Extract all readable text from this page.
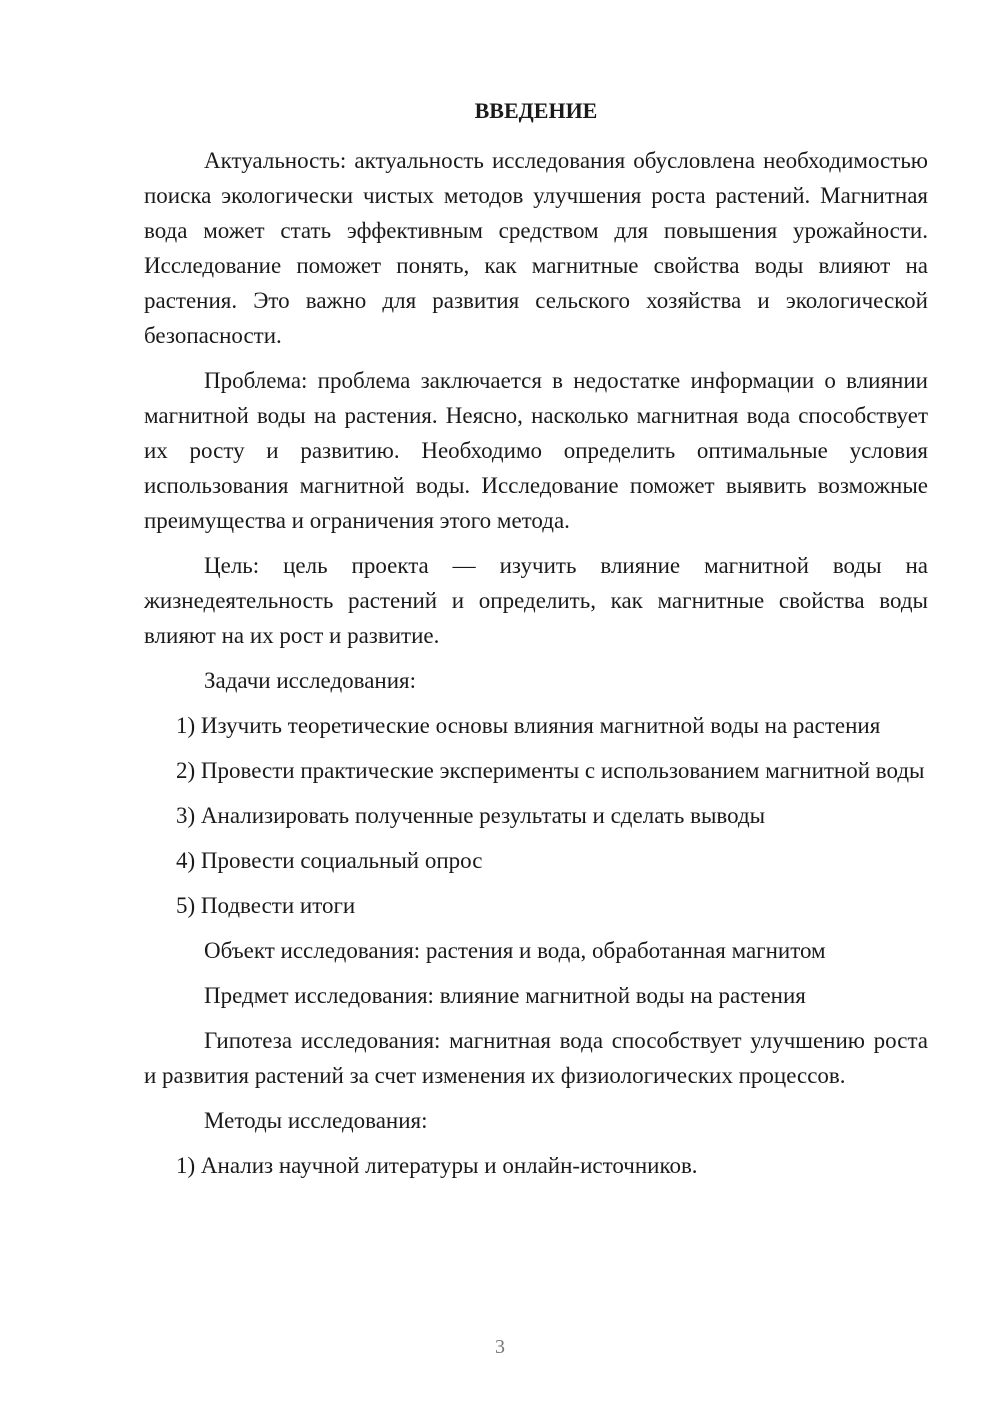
ВВЕДЕНИЕ

Актуальность: актуальность исследования обусловлена необходимостью поиска экологически чистых методов улучшения роста растений. Магнитная вода может стать эффективным средством для повышения урожайности. Исследование поможет понять, как магнитные свойства воды влияют на растения. Это важно для развития сельского хозяйства и экологической безопасности.

Проблема: проблема заключается в недостатке информации о влиянии магнитной воды на растения. Неясно, насколько магнитная вода способствует их росту и развитию. Необходимо определить оптимальные условия использования магнитной воды. Исследование поможет выявить возможные преимущества и ограничения этого метода.

Цель: цель проекта — изучить влияние магнитной воды на жизнедеятельность растений и определить, как магнитные свойства воды влияют на их рост и развитие.

Задачи исследования:

1) Изучить теоретические основы влияния магнитной воды на растения

2) Провести практические эксперименты с использованием магнитной воды

3) Анализировать полученные результаты и сделать выводы

4) Провести социальный опрос

5) Подвести итоги

Объект исследования: растения и вода, обработанная магнитом

Предмет исследования: влияние магнитной воды на растения

Гипотеза исследования: магнитная вода способствует улучшению роста и развития растений за счет изменения их физиологических процессов.

Методы исследования:

1) Анализ научной литературы и онлайн-источников.

3
